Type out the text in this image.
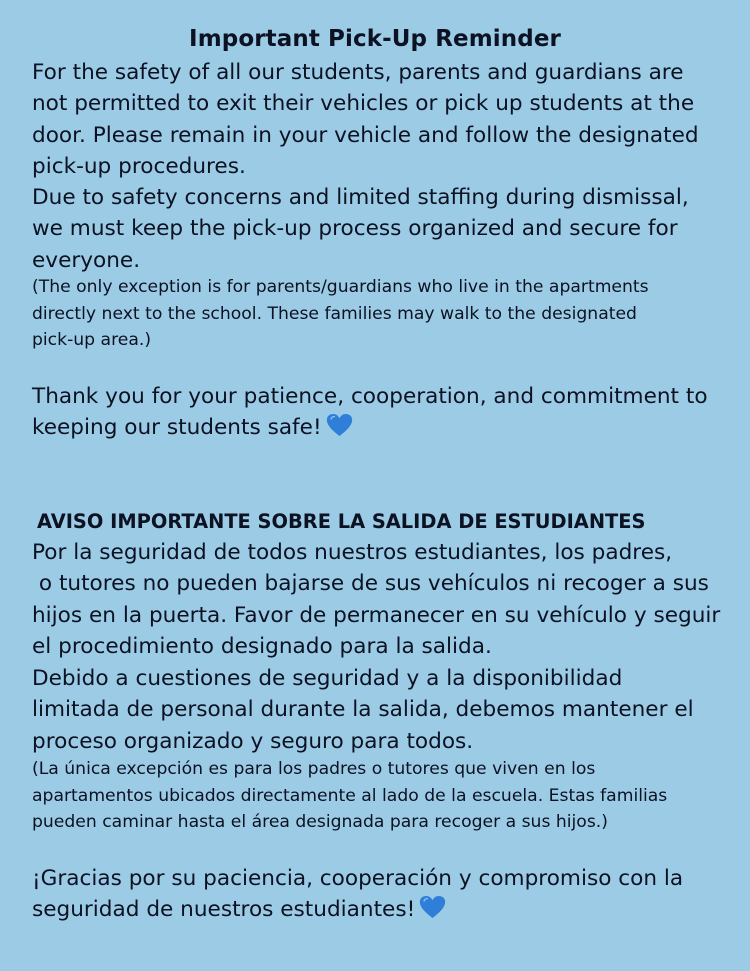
Important Pick-Up Reminder
For the safety of all our students, parents and guardians are
not permitted to exit their vehicles or pick up students at the
door. Please remain in your vehicle and follow the designated
pick-up procedures.
Due to safety concerns and limited staffing during dismissal,
we must keep the pick-up process organized and secure for
everyone.
(The only exception is for parents/guardians who live in the apartments
directly next to the school. These families may walk to the designated
pick-up area.)
Thank you for your patience, cooperation, and commitment to
keeping our students safe!
AVISO IMPORTANTE SOBRE LA SALIDA DE ESTUDIANTES
Por la seguridad de todos nuestros estudiantes, los padres,
o tutores no pueden bajarse de sus vehículos ni recoger a sus
hijos en la puerta. Favor de permanecer en su vehículo y seguir
el procedimiento designado para la salida.
Debido a cuestiones de seguridad y a la disponibilidad
limitada de personal durante la salida, debemos mantener el
proceso organizado y seguro para todos.
(La única excepción es para los padres o tutores que viven en los
apartamentos ubicados directamente al lado de la escuela. Estas familias
pueden caminar hasta el área designada para recoger a sus hijos.)
¡Gracias por su paciencia, cooperación y compromiso con la
seguridad de nuestros estudiantes!
